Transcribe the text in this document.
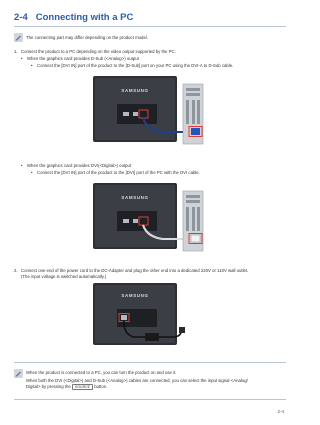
2-4 Connecting with a PC
The connecting part may differ depending on the product model.
1. Connect the product to a PC depending on the video output supported by the PC.
• When the graphics card provides D-Sub (<Analog>) output
• Connect the [DVI IN] port of the product to the [D-Sub] port on your PC using the DVI-A to D-Sub cable.
SAMSUNG
• When the graphics card provides DVI(<Digital>) output
• Connect the [DVI IN] port of the product to the [DVI] port of the PC with the DVI cable.
SAMSUNG
2. Connect one end of the power cord to the DC-Adapter and plug the other end into a dedicated 220V or 110V wall outlet.
(The input voltage is switched automatically.)
SAMSUNG
When the product is connected to a PC, you can turn the product on and use it.
When both the DVI (<Digital>) and D-Sub (<Analog>) cables are connected, you can select the input signal <Analog/
Digital> by pressing the SOURCE button.
2-4
